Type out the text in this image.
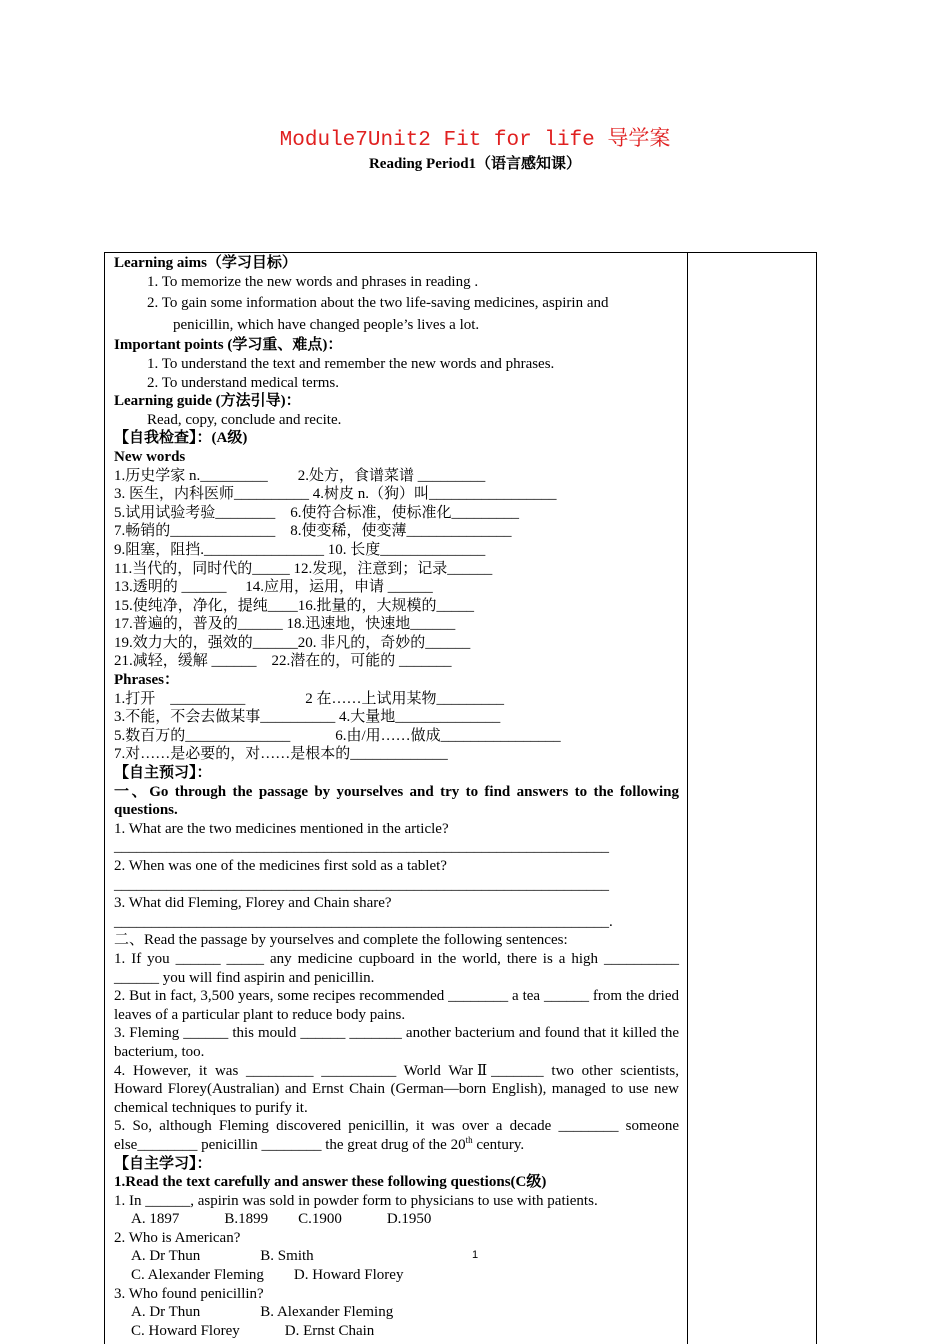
Module7Unit2 Fit for life 导学案
Reading Period1（语言感知课）
Learning aims（学习目标）
1. To memorize the new words and phrases in reading .
2. To gain some information about the two life-saving medicines, aspirin and
penicillin, which have changed people’s lives a lot.
Important points (学习重、难点)：
1. To understand the text and remember the new words and phrases.
2. To understand medical terms.
Learning guide (方法引导)：
Read, copy, conclude and recite.
【自我检查】：(A级)
New words
1.历史学家 n._________　　2.处方，食谱菜谱 _________
3. 医生，内科医师__________ 4.树皮 n.（狗）叫_________________
5.试用试验考验________　6.使符合标准，使标准化_________
7.畅销的______________　8.使变稀，使变薄______________
9.阻塞，阻挡.________________ 10. 长度______________
11.当代的，同时代的_____ 12.发现，注意到；记录______
13.透明的 ______　 14.应用，运用，申请 ______
15.使纯净，净化，提纯____16.批量的，大规模的_____
17.普遍的，普及的______ 18.迅速地，快速地______
19.效力大的，强效的______20. 非凡的，奇妙的______
21.减轻，缓解 ______　22.潜在的，可能的 _______
Phrases：
1.打开　__________　　　　2 在……上试用某物_________
3.不能，不会去做某事__________ 4.大量地______________
5.数百万的______________　　　6.由/用……做成________________
7.对……是必要的，对……是根本的_____________
【自主预习】：
一、Go through the passage by yourselves and try to find answers to the following questions.
1. What are the two medicines mentioned in the article?
__________________________________________________________________
2. When was one of the medicines first sold as a tablet?
__________________________________________________________________
3. What did Fleming, Florey and Chain share?
__________________________________________________________________.
二、Read the passage by yourselves and complete the following sentences:
1. If you ______ _____ any medicine cupboard in the world, there is a high __________ ______ you will find aspirin and penicillin.
2. But in fact, 3,500 years, some recipes recommended ________ a tea ______ from the dried leaves of a particular plant to reduce body pains.
3. Fleming ______ this mould ______ _______ another bacterium and found that it killed the bacterium, too.
4. However, it was _________ __________ World WarⅡ_______ two other scientists, Howard Florey(Australian) and Ernst Chain (German—born English), managed to use new chemical techniques to purify it.
5. So, although Fleming discovered penicillin, it was over a decade ________ someone else________ penicillin ________ the great drug of the 20th century.
【自主学习】：
1.Read the text carefully and answer these following questions(C级)
1. In ______, aspirin was sold in powder form to physicians to use with patients.
A. 1897　　　B.1899　　C.1900　　　D.1950
2. Who is American?
A. Dr Thun　　　　B. Smith
C. Alexander Fleming　　D. Howard Florey
3. Who found penicillin?
A. Dr Thun　　　　B. Alexander Fleming
C. Howard Florey　　　D. Ernst Chain
1
